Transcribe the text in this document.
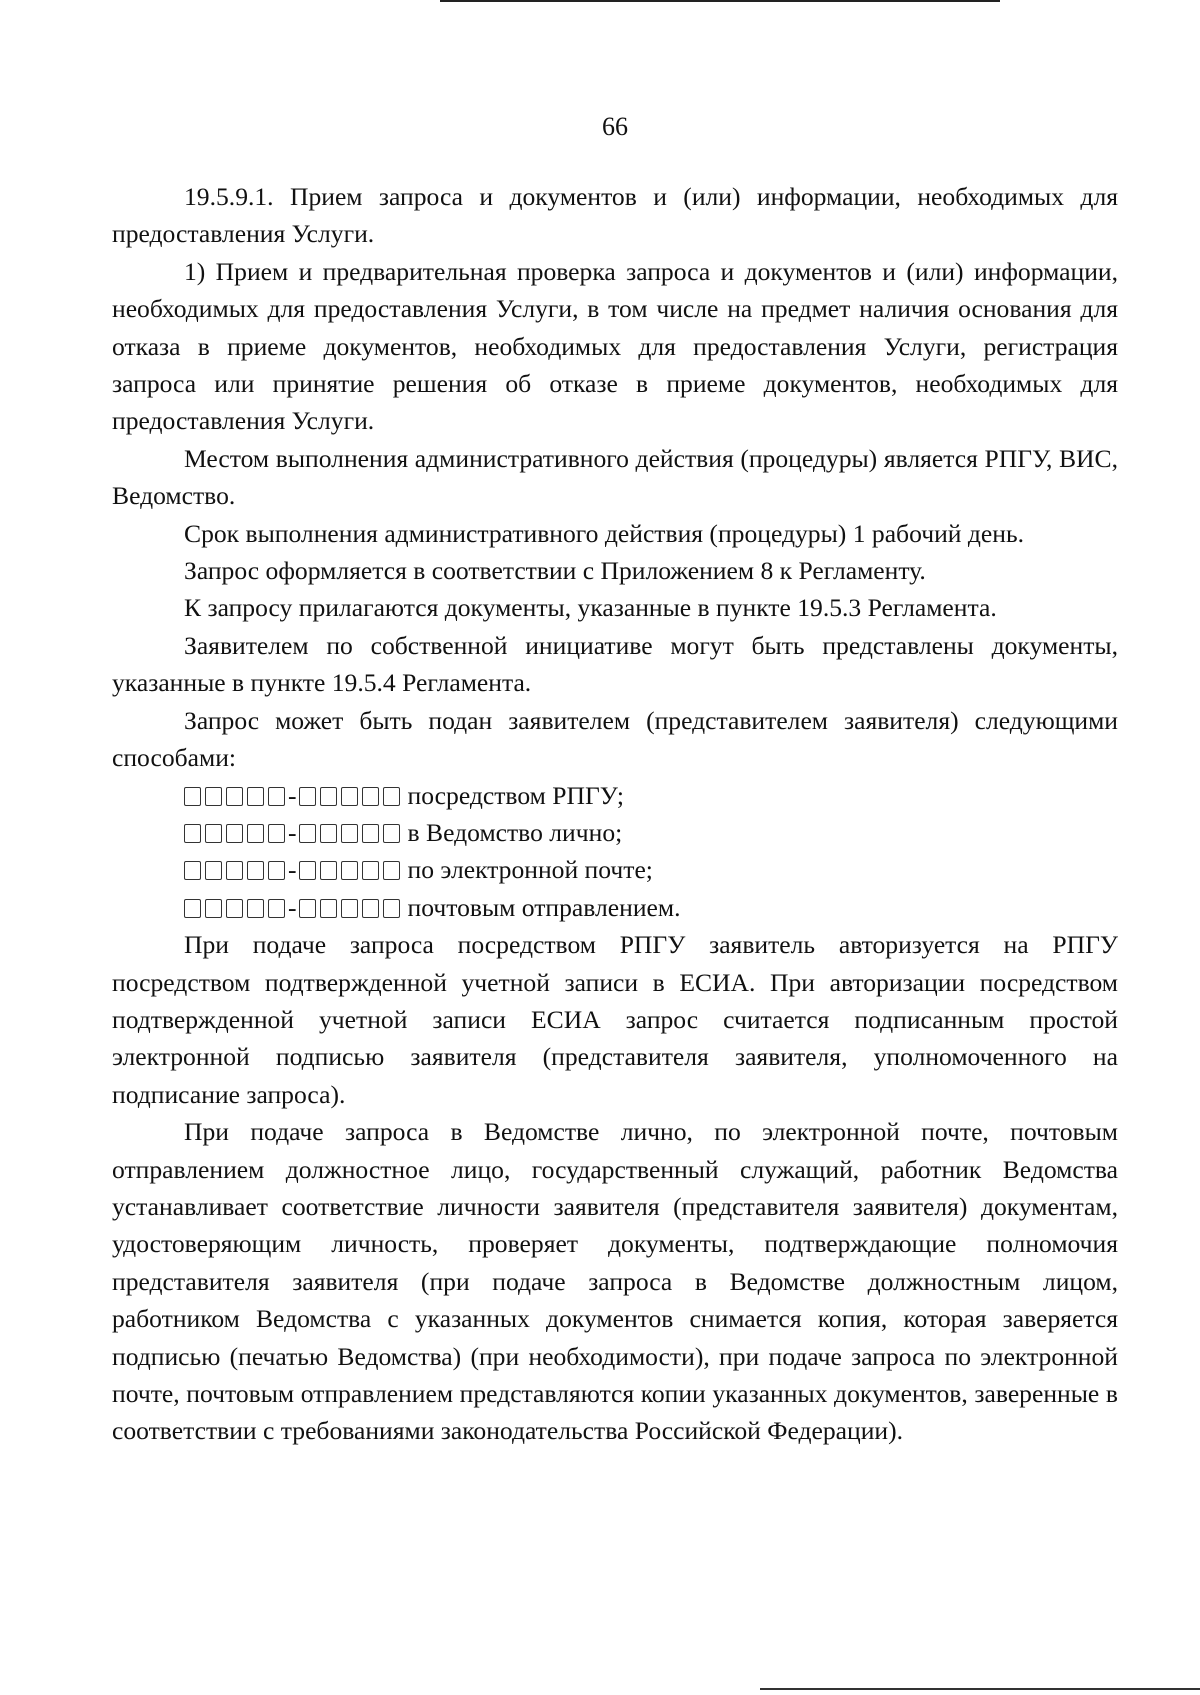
66

19.5.9.1. Прием запроса и документов и (или) информации, необходимых для предоставления Услуги.

1) Прием и предварительная проверка запроса и документов и (или) информации, необходимых для предоставления Услуги, в том числе на предмет наличия основания для отказа в приеме документов, необходимых для предоставления Услуги, регистрация запроса или принятие решения об отказе в приеме документов, необходимых для предоставления Услуги.

Местом выполнения административного действия (процедуры) является РПГУ, ВИС, Ведомство.

Срок выполнения административного действия (процедуры) 1 рабочий день.

Запрос оформляется в соответствии с Приложением 8 к Регламенту.

К запросу прилагаются документы, указанные в пункте 19.5.3 Регламента.

Заявителем по собственной инициативе могут быть представлены документы, указанные в пункте 19.5.4 Регламента.

Запрос может быть подан заявителем (представителем заявителя) следующими способами:

-	посредством РПГУ;
-	в Ведомство лично;
-	по электронной почте;
-	почтовым отправлением.

При подаче запроса посредством РПГУ заявитель авторизуется на РПГУ посредством подтвержденной учетной записи в ЕСИА. При авторизации посредством подтвержденной учетной записи ЕСИА запрос считается подписанным простой электронной подписью заявителя (представителя заявителя, уполномоченного на подписание запроса).

При подаче запроса в Ведомстве лично, по электронной почте, почтовым отправлением должностное лицо, государственный служащий, работник Ведомства устанавливает соответствие личности заявителя (представителя заявителя) документам, удостоверяющим личность, проверяет документы, подтверждающие полномочия представителя заявителя (при подаче запроса в Ведомстве должностным лицом, работником Ведомства с указанных документов снимается копия, которая заверяется подписью (печатью Ведомства) (при необходимости), при подаче запроса по электронной почте, почтовым отправлением представляются копии указанных документов, заверенные в соответствии с требованиями законодательства Российской Федерации).
